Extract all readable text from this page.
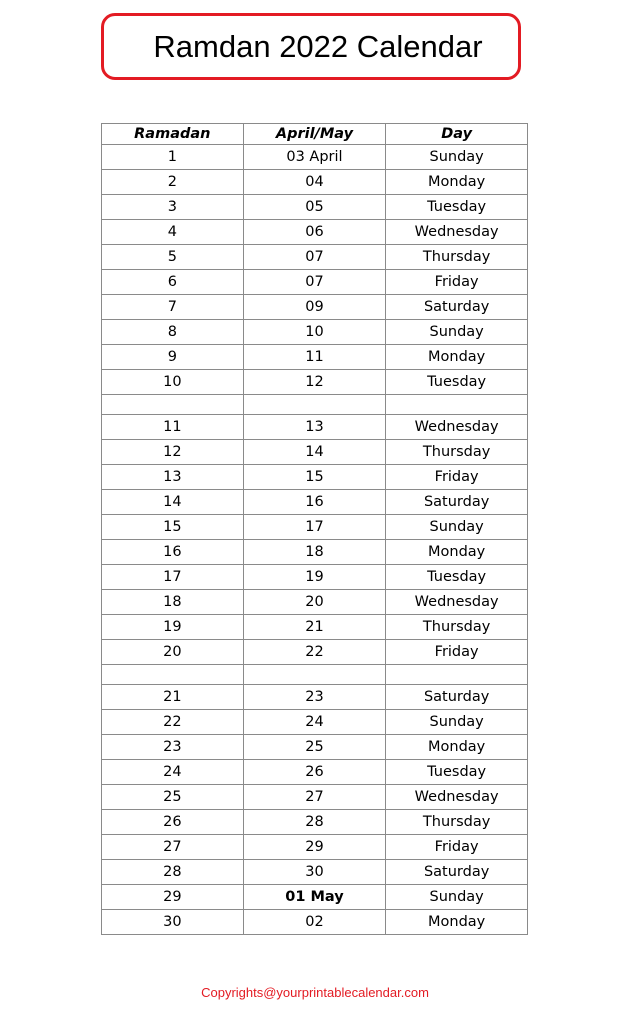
Ramdan 2022 Calendar
Ramadan	April/May	Day
1	03 April	Sunday
2	04	Monday
3	05	Tuesday
4	06	Wednesday
5	07	Thursday
6	07	Friday
7	09	Saturday
8	10	Sunday
9	11	Monday
10	12	Tuesday

11	13	Wednesday
12	14	Thursday
13	15	Friday
14	16	Saturday
15	17	Sunday
16	18	Monday
17	19	Tuesday
18	20	Wednesday
19	21	Thursday
20	22	Friday

21	23	Saturday
22	24	Sunday
23	25	Monday
24	26	Tuesday
25	27	Wednesday
26	28	Thursday
27	29	Friday
28	30	Saturday
29	01 May	Sunday
30	02	Monday
Copyrights@yourprintablecalendar.com
